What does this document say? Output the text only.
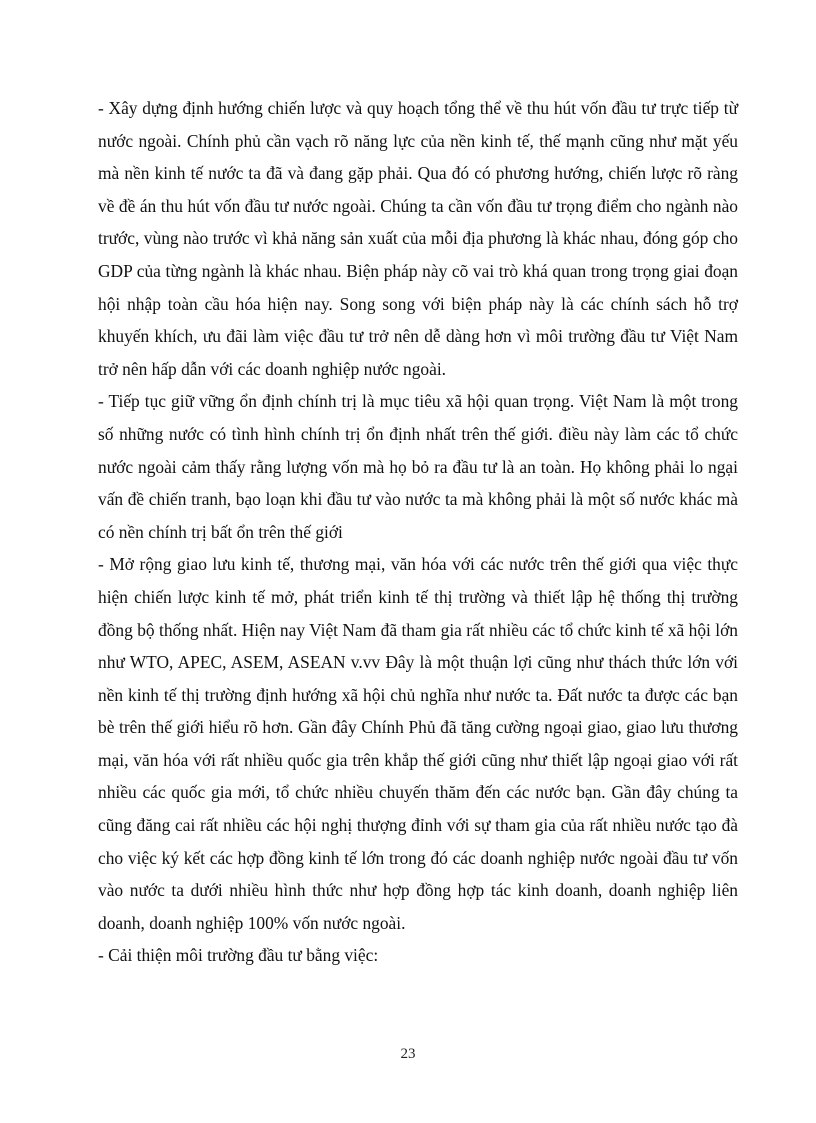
- Xây dựng định hướng chiến lược và quy hoạch tổng thể về thu hút vốn đầu tư trực tiếp từ nước ngoài. Chính phủ cần vạch rõ năng lực của nền kinh tế, thế mạnh cũng như mặt yếu mà nền kinh tế nước ta đã và đang gặp phải. Qua đó có phương hướng, chiến lược rõ ràng về đề án thu hút vốn đầu tư nước ngoài. Chúng ta cần vốn đầu tư trọng điểm cho ngành nào trước, vùng nào trước vì khả năng sản xuất của mỗi địa phương là khác nhau, đóng góp cho GDP của từng ngành là khác nhau. Biện pháp này cõ vai trò khá quan trong trọng giai đoạn hội nhập toàn cầu hóa hiện nay. Song song với biện pháp này là các chính sách hỗ trợ khuyến khích, ưu đãi làm việc đầu tư trở nên dễ dàng hơn vì môi trường đầu tư Việt Nam trở nên hấp dẫn với các doanh nghiệp nước ngoài.

- Tiếp tục giữ vững ổn định chính trị là mục tiêu xã hội quan trọng. Việt Nam là một trong số những nước có tình hình chính trị ổn định nhất trên thế giới. điều này làm các tổ chức nước ngoài cảm thấy rằng lượng vốn mà họ bỏ ra đầu tư là an toàn. Họ không phải lo ngại vấn đề chiến tranh, bạo loạn khi đầu tư vào nước ta mà không phải là một số nước khác mà có nền chính trị bất ổn trên thế giới

- Mở rộng giao lưu kinh tế, thương mại, văn hóa với các nước trên thế giới qua việc thực hiện chiến lược kinh tế mở, phát triển kinh tế thị trường và thiết lập hệ thống thị trường đồng bộ thống nhất. Hiện nay Việt Nam đã tham gia rất nhiều các tổ chức kinh tế xã hội lớn như WTO, APEC, ASEM, ASEAN v.vv Đây là một thuận lợi cũng như thách thức lớn với nền kinh tế thị trường định hướng xã hội chủ nghĩa như nước ta. Đất nước ta được các bạn bè trên thế giới hiểu rõ hơn. Gần đây Chính Phủ đã tăng cường ngoại giao, giao lưu thương mại, văn hóa với rất nhiều quốc gia trên khắp thế giới cũng như thiết lập ngoại giao với rất nhiều các quốc gia mới, tổ chức nhiều chuyến thăm đến các nước bạn. Gần đây chúng ta cũng đăng cai rất nhiều các hội nghị thượng đỉnh với sự tham gia của rất nhiều nước tạo đà cho việc ký kết các hợp đồng kinh tế lớn trong đó các doanh nghiệp nước ngoài đầu tư vốn vào nước ta dưới nhiều hình thức như hợp đồng hợp tác kinh doanh, doanh nghiệp liên doanh, doanh nghiệp 100% vốn nước ngoài.

- Cải thiện môi trường đầu tư bằng việc:

23
